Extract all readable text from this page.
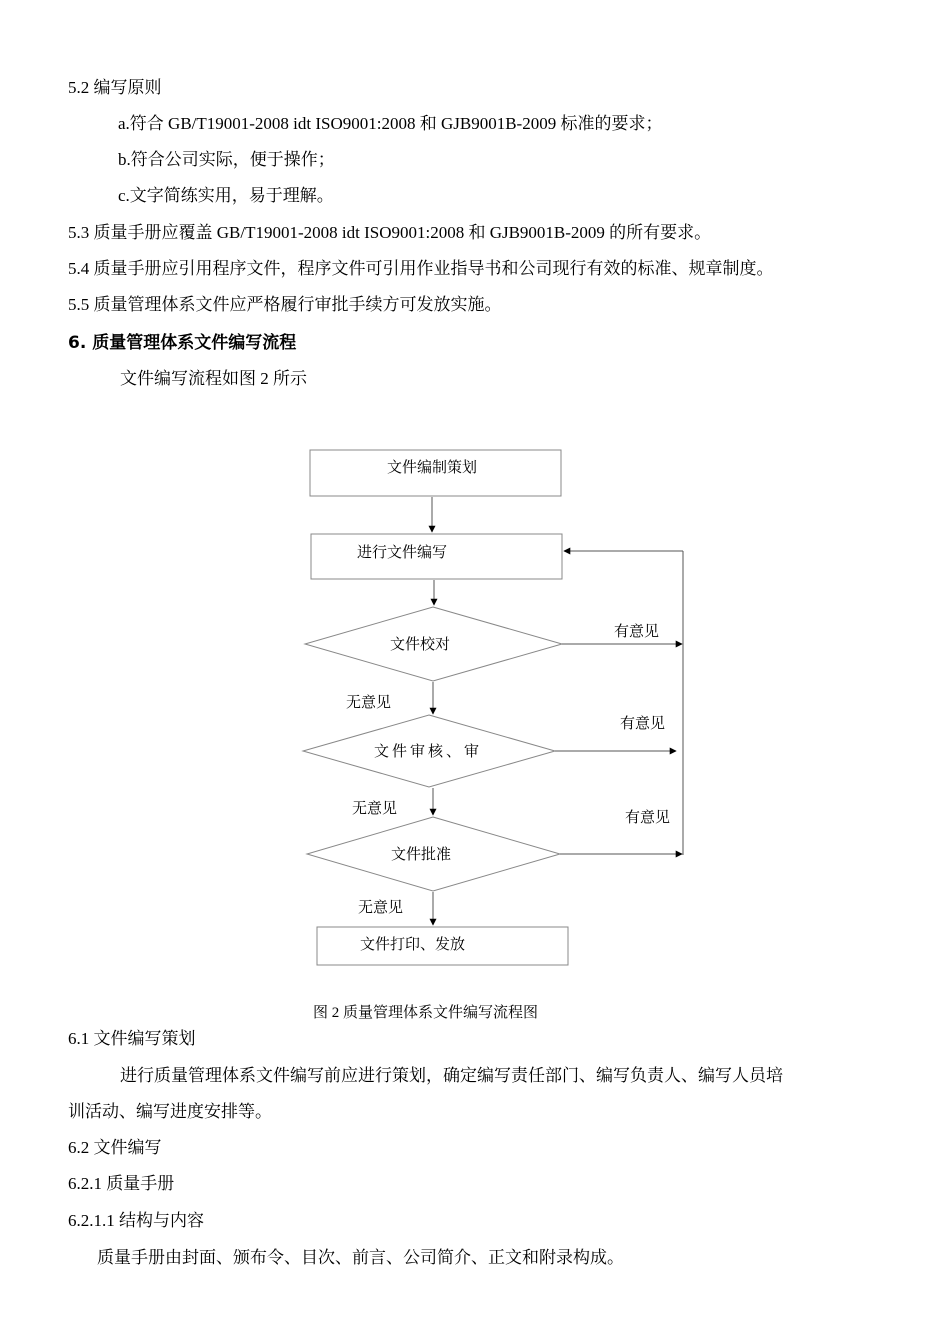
5.2 编写原则
a.符合 GB/T19001-2008 idt ISO9001:2008 和 GJB9001B-2009 标准的要求；
b.符合公司实际，便于操作；
c.文字简练实用，易于理解。
5.3 质量手册应覆盖 GB/T19001-2008 idt ISO9001:2008 和 GJB9001B-2009 的所有要求。
5.4 质量手册应引用程序文件，程序文件可引用作业指导书和公司现行有效的标准、规章制度。
5.5 质量管理体系文件应严格履行审批手续方可发放实施。
6. 质量管理体系文件编写流程
文件编写流程如图 2 所示
文件编制策划
进行文件编写
文件校对
文件审核、审
文件批准
文件打印、发放
无意见
无意见
无意见
有意见
有意见
有意见
图 2 质量管理体系文件编写流程图
6.1 文件编写策划
进行质量管理体系文件编写前应进行策划，确定编写责任部门、编写负责人、编写人员培
训活动、编写进度安排等。
6.2 文件编写
6.2.1 质量手册
6.2.1.1 结构与内容
质量手册由封面、颁布令、目次、前言、公司简介、正文和附录构成。
